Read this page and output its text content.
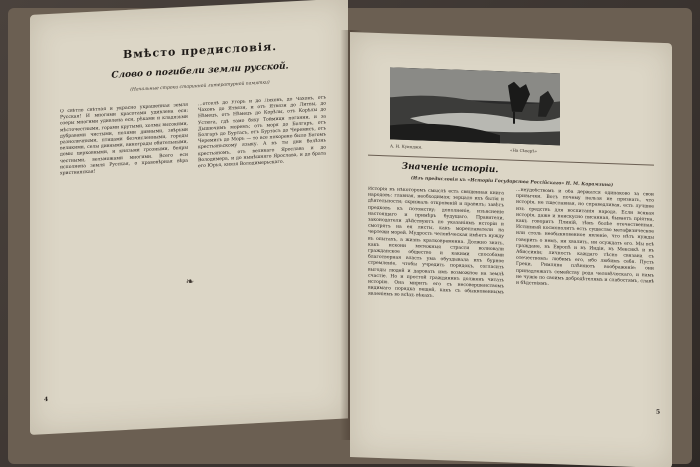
Вмѣсто предисловія.
Слово о погибели земли русской.
(Начальные строки старинной литературной памятки)
О свѣтло свѣтлая и украсно украшенная земля Русская! И многими красотами удивлена еси: озеры многими удивлена еси, рѣками и кладязьми мѣсточестными, горами крутыми, холмы высокими, дубравами чистыми, полями дивными, звѣрьми разноличными, птицами безчисленными, городы великими, селы дивными, винограды обительными, домы церковными, и князьми грозными, бояры честными, вельможами многими. Всего еси исполнена земля Русская, о правовѣрная вѣра христианская!
…отселѣ до Угоръ и до Ляховъ, до Чаховъ, отъ Чаховъ до Ятвязи, и отъ Ятвязи до Литвы, до Нѣмецъ, отъ Нѣмецъ до Корѣлы, отъ Корѣлы до Устюга, гдѣ тамо бяху Тоймици погании, и за Дышючимъ моремъ; отъ моря до Болгаръ, отъ Болгаръ до Буртасъ, отъ Буртасъ до Черемисъ, отъ Черемисъ до Моръ — то все покорено было Богомъ крестьяньскому языку. А въ ты дни болѣзнь крестьяномъ, отъ великаго Ярослава и до Володимера, и до нынѣшняго Ярослава, и до брата его Юрья, князя Володимерьскаго.
❧
4
А. И. Куинджи.
«На Сѣверѣ»
Значеніе исторіи.
(Изъ предисловія къ «Исторіи Государства Россійскаго» Н. М. Карамзина)
Исторія въ нѣкоторомъ смыслѣ есть священная книга народовъ: главная, необходимая; зерцало ихъ бытія и дѣятельности; скрижаль откровеній и правилъ; завѣтъ предковъ къ потомству; дополненіе, изъясненіе настоящаго и примѣръ будущаго. Правители, законодатели дѣйствуютъ по указаніямъ исторіи и смотрятъ на ея листы, какъ мореплаватели на чертежи морей. Мудрость человѣческая имѣетъ нужду въ опытахъ, а жизнь кратковременна. Должно знать, какъ искони мятежныя страсти волновали гражданское общество и какими способами благотворная власть ума обуздывала ихъ бурное стремленіе, чтобы учредить порядокъ, согласить выгоды людей и даровать имъ возможное на землѣ счастіе. Но и простой гражданинъ долженъ читать исторію. Она миритъ его съ несовершенствомъ видимаго порядка вещей, какъ съ обыкновеннымъ явленіемъ во всѣхъ вѣкахъ.
…неудобствомъ и оба держатся одинаково за свои привычки. Вотъ почему нельзя не признать, что исторія, не тщеславная, но справедливая, есть лучшее изъ средствъ для воспитанія народа. Если всякая исторія, даже и неискусно писанная, бываетъ пріятна, какъ говоритъ Плиній, тѣмъ болѣе отечественная. Истинный космополитъ есть существо метафизическое или столь необыкновенное явленіе, что нѣтъ нужды говорить о немъ, ни хвалить, ни осуждать его. Мы всѣ граждане, въ Европѣ и въ Индіи, въ Мексикѣ и въ Абиссиніи; личность каждаго тѣсно связана съ отечествомъ: любимъ его, ибо любимъ себя. Пусть Греки, Римляне плѣняютъ воображеніе: они принадлежатъ семейству рода человѣческаго, и намъ не чужіе по своимъ добродѣтелямъ и слабостямъ, славѣ и бѣдствіямъ.
5
